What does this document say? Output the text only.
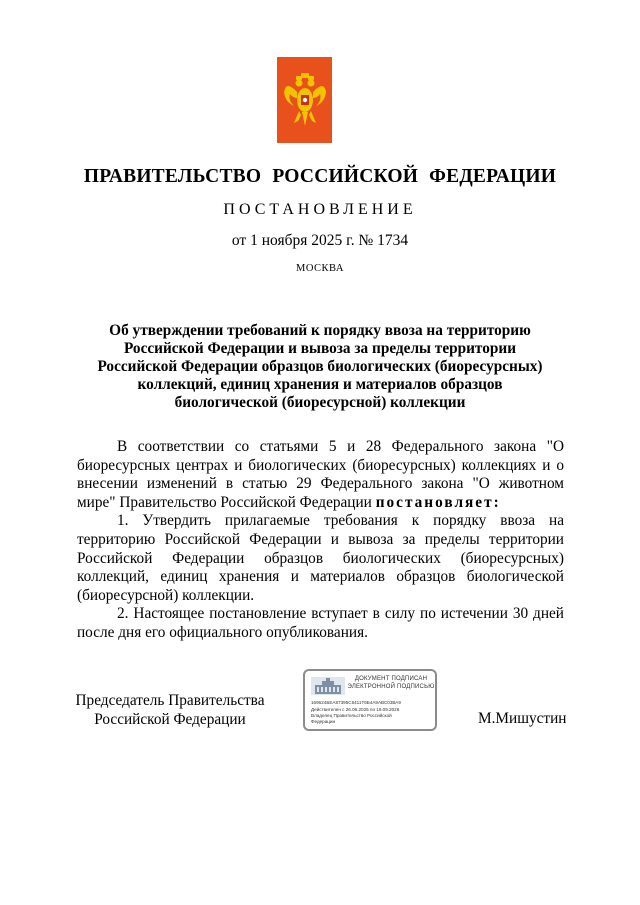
ПРАВИТЕЛЬСТВО РОССИЙСКОЙ ФЕДЕРАЦИИ
ПОСТАНОВЛЕНИЕ
от 1 ноября 2025 г. № 1734
МОСКВА
Об утверждении требований к порядку ввоза на территорию
Российской Федерации и вывоза за пределы территории
Российской Федерации образцов биологических (биоресурсных)
коллекций, единиц хранения и материалов образцов
биологической (биоресурсной) коллекции

В соответствии со статьями 5 и 28 Федерального закона "О биоресурсных центрах и биологических (биоресурсных) коллекциях и о внесении изменений в статью 29 Федерального закона "О животном мире" Правительство Российской Федерации постановляет:

1. Утвердить прилагаемые требования к порядку ввоза на территорию Российской Федерации и вывоза за пределы территории Российской Федерации образцов биологических (биоресурсных) коллекций, единиц хранения и материалов образцов биологической (биоресурсной) коллекции.

2. Настоящее постановление вступает в силу по истечении 30 дней после дня его официального опубликования.

Председатель Правительства
Российской Федерации
ДОКУМЕНТ ПОДПИСАН
ЭЛЕКТРОННОЙ ПОДПИСЬЮ
169624БЕА87395С5411Т6Б4А9АВС03ВА9
Действителен с 26.06.2025 по 19.09.2026
Владелец Правительство Российской
Федерации	М.Мишустин
